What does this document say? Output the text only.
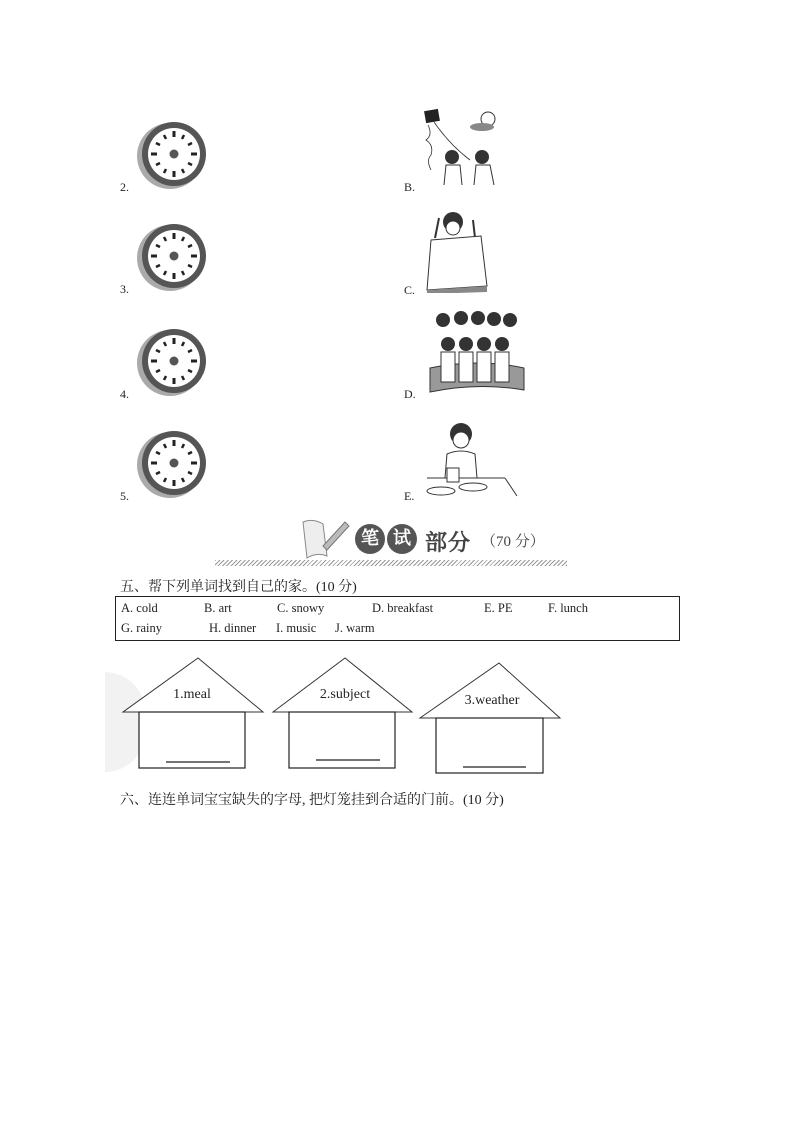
2.
3.
4.
5.
B.
C.
D.
E.
笔 试 部分 （70 分）
五、帮下列单词找到自己的家。(10 分)
A. cold	B. art	C. snowy	D. breakfast	E. PE	F. lunch
G. rainy	H. dinner I. music J. warm
1.meal	2.subject	3.weather
六、连连单词宝宝缺失的字母, 把灯笼挂到合适的门前。(10 分)
